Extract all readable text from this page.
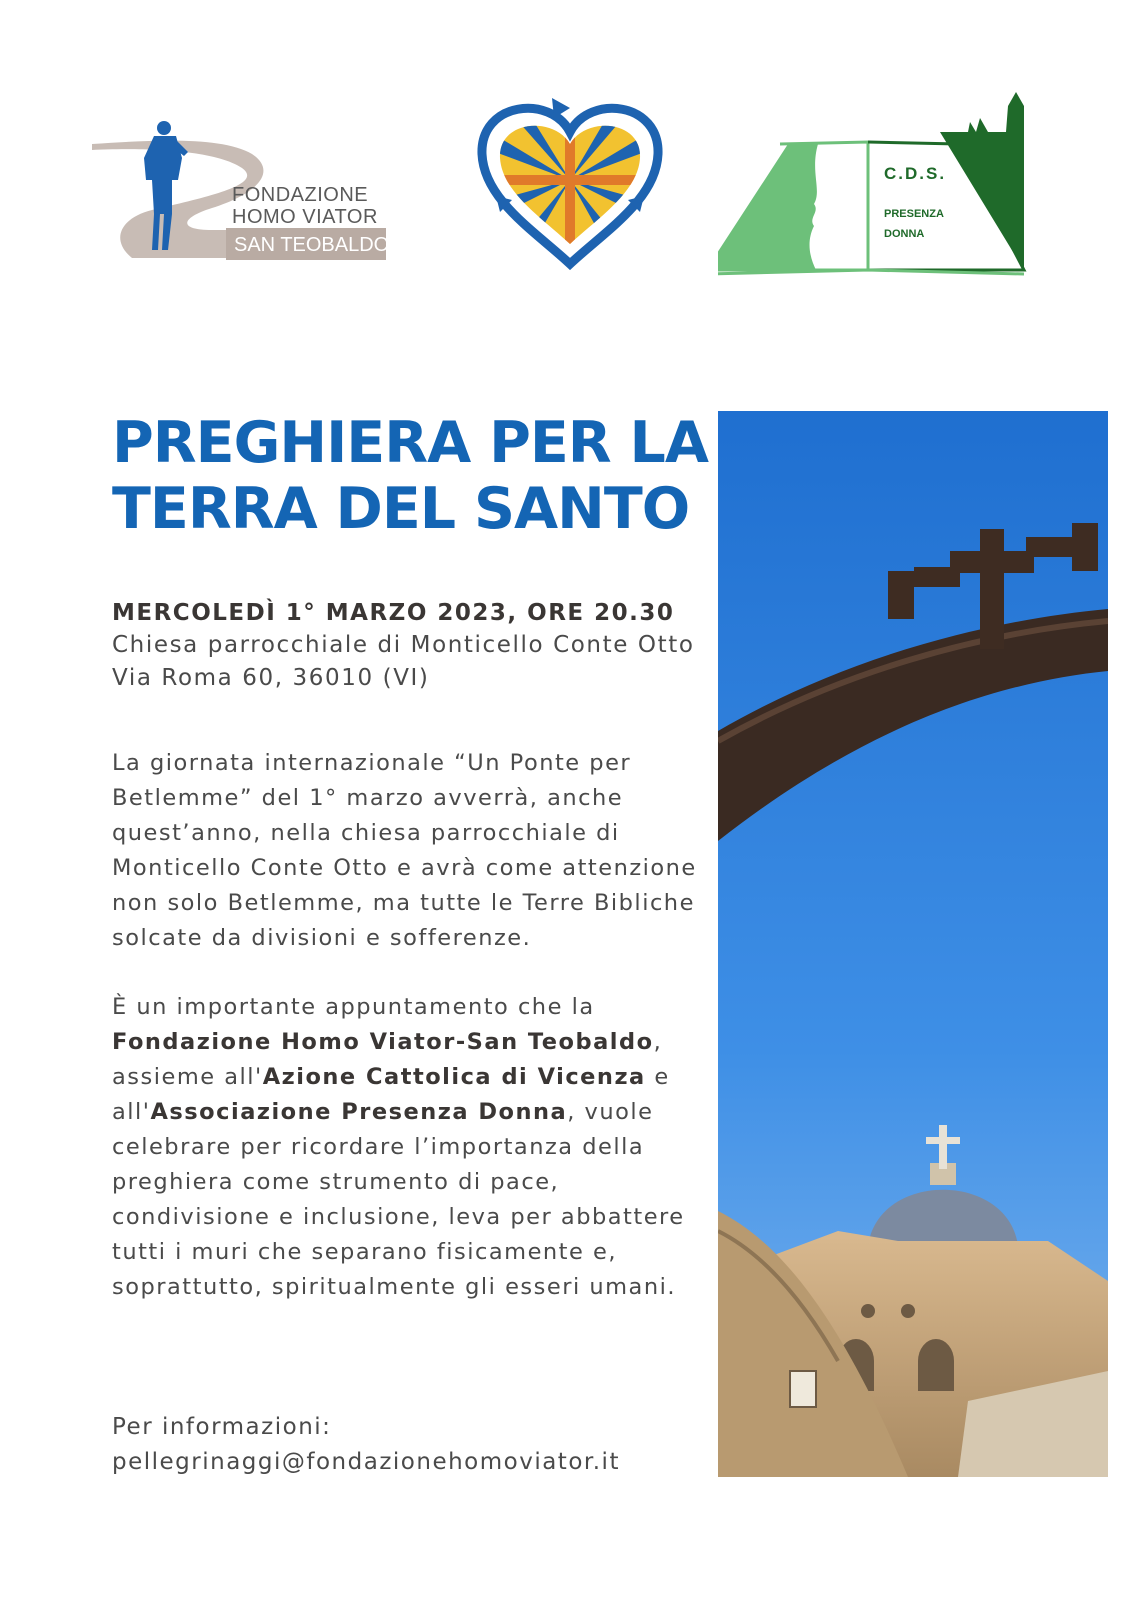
FONDAZIONE
HOMO VIATOR
SAN TEOBALDO
C.D.S.
PRESENZA
DONNA
PREGHIERA PER LA
TERRA DEL SANTO
MERCOLEDÌ 1° MARZO 2023, ORE 20.30
Chiesa parrocchiale di Monticello Conte Otto
Via Roma 60, 36010 (VI)
La giornata internazionale “Un Ponte per
Betlemme” del 1° marzo avverrà, anche
quest’anno, nella chiesa parrocchiale di
Monticello Conte Otto e avrà come attenzione
non solo Betlemme, ma tutte le Terre Bibliche
solcate da divisioni e sofferenze.
È un importante appuntamento che la
Fondazione Homo Viator-San Teobaldo,
assieme all'Azione Cattolica di Vicenza e
all'Associazione Presenza Donna, vuole
celebrare per ricordare l’importanza della
preghiera come strumento di pace,
condivisione e inclusione, leva per abbattere
tutti i muri che separano fisicamente e,
soprattutto, spiritualmente gli esseri umani.
Per informazioni:
pellegrinaggi@fondazionehomoviator.it
